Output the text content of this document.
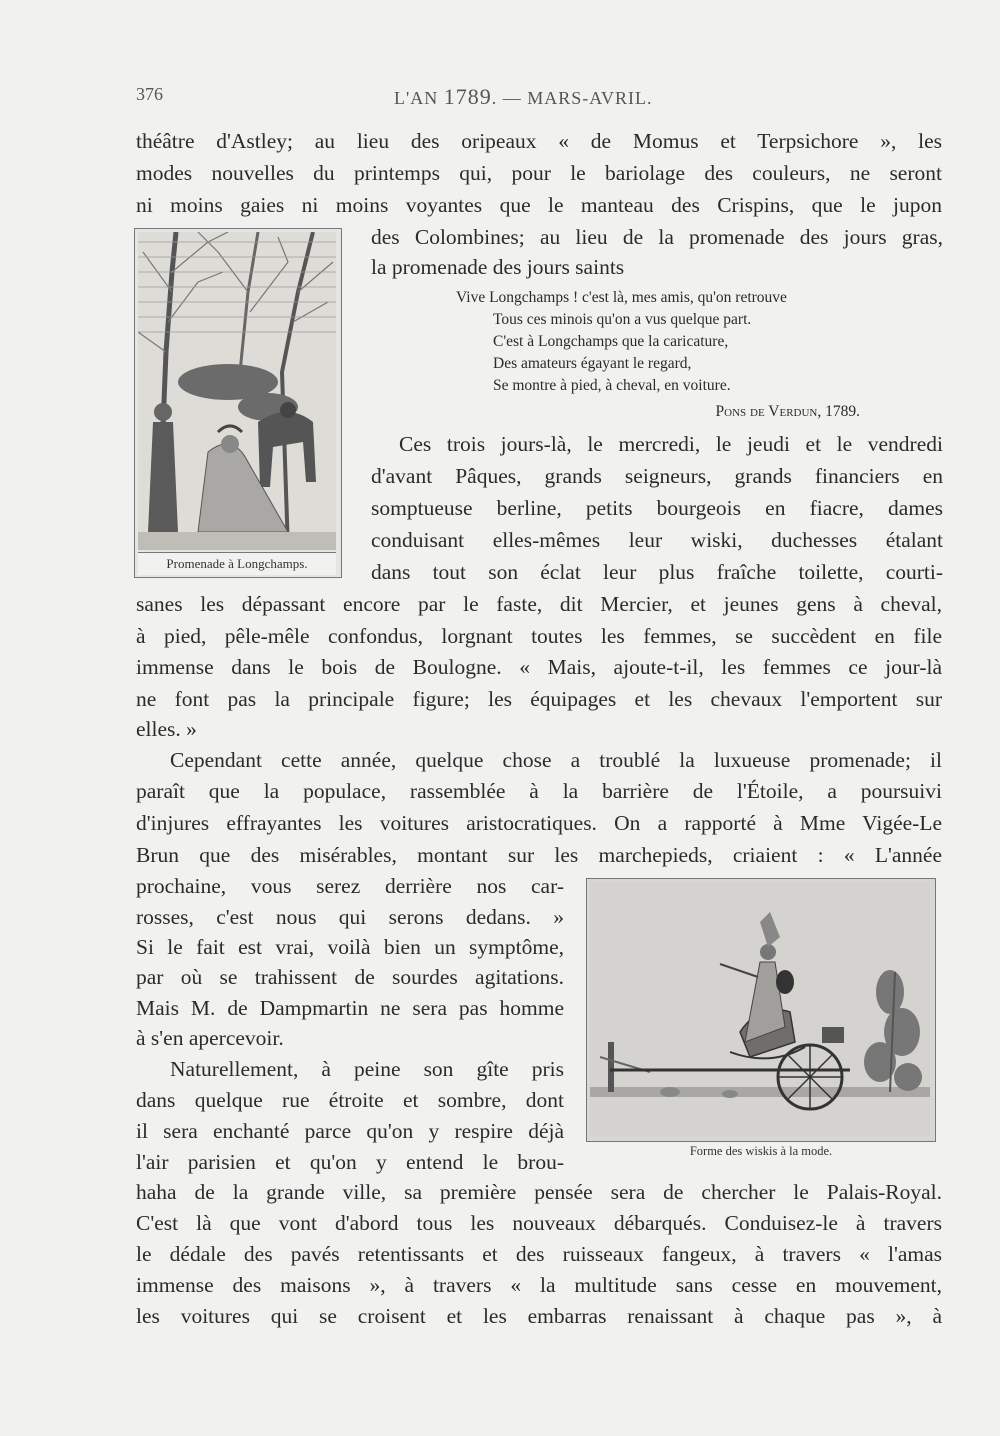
376	L'AN 1789. — MARS-AVRIL.
Promenade à Longchamps.
théâtre d'Astley; au lieu des oripeaux « de Momus et Terpsichore », les
modes nouvelles du printemps qui, pour le bariolage des couleurs, ne seront
ni moins gaies ni moins voyantes que le manteau des Crispins, que le jupon
des Colombines; au lieu de la promenade des jours gras,
la promenade des jours saints
Vive Longchamps ! c'est là, mes amis, qu'on retrouve
Tous ces minois qu'on a vus quelque part.
C'est à Longchamps que la caricature,
Des amateurs égayant le regard,
Se montre à pied, à cheval, en voiture.
Pons de Verdun, 1789.
Ces trois jours-là, le mercredi, le jeudi et le vendredi
d'avant Pâques, grands seigneurs, grands financiers en
somptueuse berline, petits bourgeois en fiacre, dames
conduisant elles-mêmes leur wiski, duchesses étalant
dans tout son éclat leur plus fraîche toilette, courti-
sanes les dépassant encore par le faste, dit Mercier, et jeunes gens à cheval,
à pied, pêle-mêle confondus, lorgnant toutes les femmes, se succèdent en file
immense dans le bois de Boulogne. « Mais, ajoute-t-il, les femmes ce jour-là
ne font pas la principale figure; les équipages et les chevaux l'emportent sur
elles. »
Cependant cette année, quelque chose a troublé la luxueuse promenade; il
paraît que la populace, rassemblée à la barrière de l'Étoile, a poursuivi
d'injures effrayantes les voitures aristocratiques. On a rapporté à Mme Vigée-Le
Brun que des misérables, montant sur les marchepieds, criaient : « L'année
prochaine, vous serez derrière nos car-
rosses, c'est nous qui serons dedans. »
Si le fait est vrai, voilà bien un symptôme,
par où se trahissent de sourdes agitations.
Mais M. de Dampmartin ne sera pas homme
à s'en apercevoir.
Naturellement, à peine son gîte pris
dans quelque rue étroite et sombre, dont
il sera enchanté parce qu'on y respire déjà
l'air parisien et qu'on y entend le brou-	Forme des wiskis à la mode.
haha de la grande ville, sa première pensée sera de chercher le Palais-Royal.
C'est là que vont d'abord tous les nouveaux débarqués. Conduisez-le à travers
le dédale des pavés retentissants et des ruisseaux fangeux, à travers « l'amas
immense des maisons », à travers « la multitude sans cesse en mouvement,
les voitures qui se croisent et les embarras renaissant à chaque pas », à
